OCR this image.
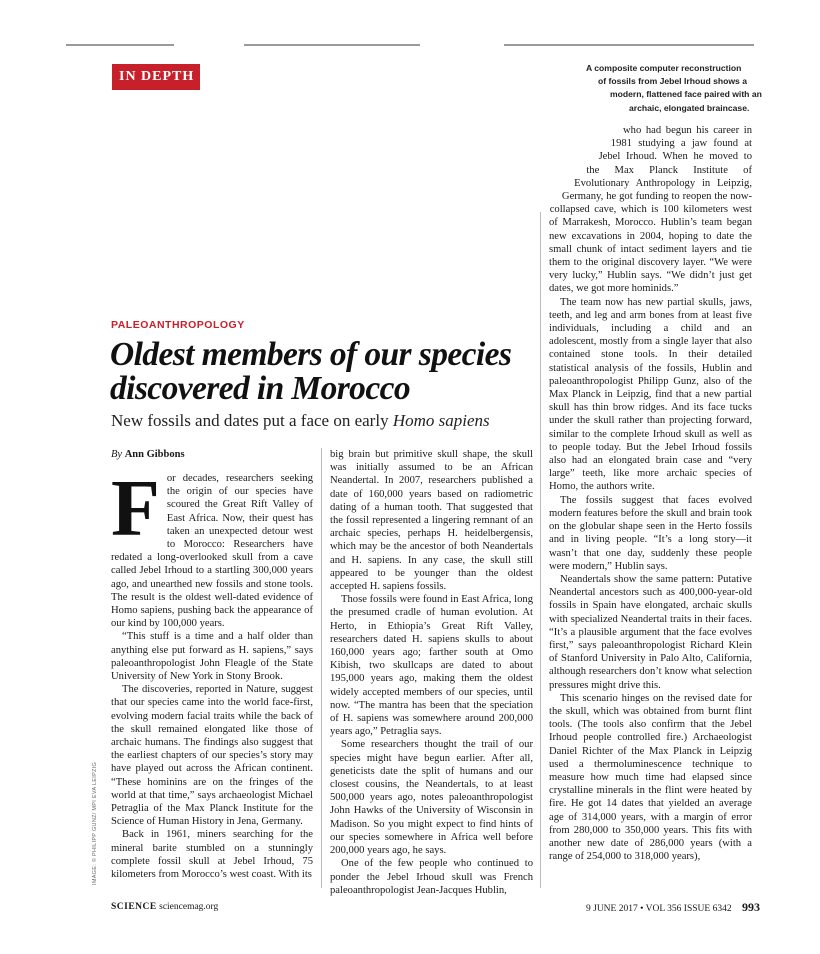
IN DEPTH
A composite computer reconstruction
of fossils from Jebel Irhoud shows a
modern, flattened face paired with an
archaic, elongated braincase.
PALEOANTHROPOLOGY
Oldest members of our species discovered in Morocco
New fossils and dates put a face on early Homo sapiens
By Ann Gibbons

For decades, researchers seeking the origin of our species have scoured the Great Rift Valley of East Africa. Now, their quest has taken an unexpected detour west to Morocco: Researchers have redated a long-overlooked skull from a cave called Jebel Irhoud to a startling 300,000 years ago, and unearthed new fossils and stone tools. The result is the oldest well-dated evidence of Homo sapiens, pushing back the appearance of our kind by 100,000 years.

“This stuff is a time and a half older than anything else put forward as H. sapiens,” says paleoanthropologist John Fleagle of the State University of New York in Stony Brook.

The discoveries, reported in Nature, suggest that our species came into the world face-first, evolving modern facial traits while the back of the skull remained elongated like those of archaic humans. The findings also suggest that the earliest chapters of our species’s story may have played out across the African continent. “These hominins are on the fringes of the world at that time,” says archaeologist Michael Petraglia of the Max Planck Institute for the Science of Human History in Jena, Germany.

Back in 1961, miners searching for the mineral barite stumbled on a stunningly complete fossil skull at Jebel Irhoud, 75 kilometers from Morocco’s west coast. With its

big brain but primitive skull shape, the skull was initially assumed to be an African Neandertal. In 2007, researchers published a date of 160,000 years based on radiometric dating of a human tooth. That suggested that the fossil represented a lingering remnant of an archaic species, perhaps H. heidelbergensis, which may be the ancestor of both Neandertals and H. sapiens. In any case, the skull still appeared to be younger than the oldest accepted H. sapiens fossils.

Those fossils were found in East Africa, long the presumed cradle of human evolution. At Herto, in Ethiopia’s Great Rift Valley, researchers dated H. sapiens skulls to about 160,000 years ago; farther south at Omo Kibish, two skullcaps are dated to about 195,000 years ago, making them the oldest widely accepted members of our species, until now. “The mantra has been that the speciation of H. sapiens was somewhere around 200,000 years ago,” Petraglia says.

Some researchers thought the trail of our species might have begun earlier. After all, geneticists date the split of humans and our closest cousins, the Neandertals, to at least 500,000 years ago, notes paleoanthropologist John Hawks of the University of Wisconsin in Madison. So you might expect to find hints of our species somewhere in Africa well before 200,000 years ago, he says.

One of the few people who continued to ponder the Jebel Irhoud skull was French paleoanthropologist Jean-Jacques Hublin,

who had begun his career in 1981 studying a jaw found at Jebel Irhoud. When he moved to the Max Planck Institute of Evolutionary Anthropology in Leipzig, Germany, he got funding to reopen the now-collapsed cave, which is 100 kilometers west of Marrakesh, Morocco. Hublin’s team began new excavations in 2004, hoping to date the small chunk of intact sediment layers and tie them to the original discovery layer. “We were very lucky,” Hublin says. “We didn’t just get dates, we got more hominids.”

The team now has new partial skulls, jaws, teeth, and leg and arm bones from at least five individuals, including a child and an adolescent, mostly from a single layer that also contained stone tools. In their detailed statistical analysis of the fossils, Hublin and paleoanthropologist Philipp Gunz, also of the Max Planck in Leipzig, find that a new partial skull has thin brow ridges. And its face tucks under the skull rather than projecting forward, similar to the complete Irhoud skull as well as to people today. But the Jebel Irhoud fossils also had an elongated brain case and “very large” teeth, like more archaic species of Homo, the authors write.

The fossils suggest that faces evolved modern features before the skull and brain took on the globular shape seen in the Herto fossils and in living people. “It’s a long story—it wasn’t that one day, suddenly these people were modern,” Hublin says.

Neandertals show the same pattern: Putative Neandertal ancestors such as 400,000-year-old fossils in Spain have elongated, archaic skulls with specialized Neandertal traits in their faces. “It’s a plausible argument that the face evolves first,” says paleoanthropologist Richard Klein of Stanford University in Palo Alto, California, although researchers don’t know what selection pressures might drive this.

This scenario hinges on the revised date for the skull, which was obtained from burnt flint tools. (The tools also confirm that the Jebel Irhoud people controlled fire.) Archaeologist Daniel Richter of the Max Planck in Leipzig used a thermoluminescence technique to measure how much time had elapsed since crystalline minerals in the flint were heated by fire. He got 14 dates that yielded an average age of 314,000 years, with a margin of error from 280,000 to 350,000 years. This fits with another new date of 286,000 years (with a range of 254,000 to 318,000 years),

IMAGE: © PHILIPP GUNZ/ MPI EVA LEIPZIG
SCIENCE sciencemag.org	9 JUNE 2017 • VOL 356 ISSUE 6342 993
